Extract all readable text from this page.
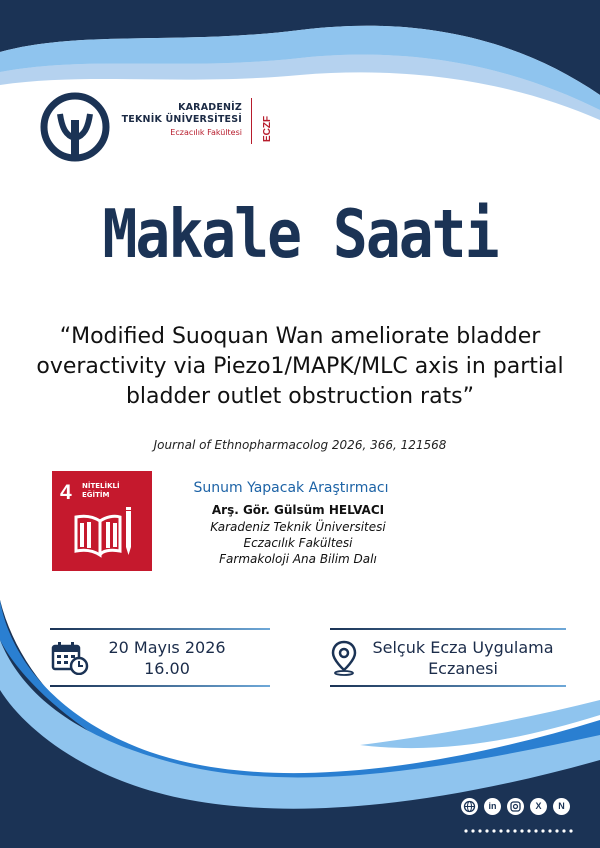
KARADENİZ
TEKNİK ÜNİVERSİTESİ
Eczacılık Fakültesi ECZF
Makale Saati
“Modified Suoquan Wan ameliorate bladder
overactivity via Piezo1/MAPK/MLC axis in partial
bladder outlet obstruction rats”
Journal of Ethnopharmacolog 2026, 366, 121568
4 NİTELİKLİ
EĞİTİM	Sunum Yapacak Araştırmacı
Arş. Gör. Gülsüm HELVACI
Karadeniz Teknik Üniversitesi
Eczacılık Fakültesi
Farmakoloji Ana Bilim Dalı
20 Mayıs 2026
16.00
Selçuk Ecza Uygulama
Eczanesi
in	X	N
